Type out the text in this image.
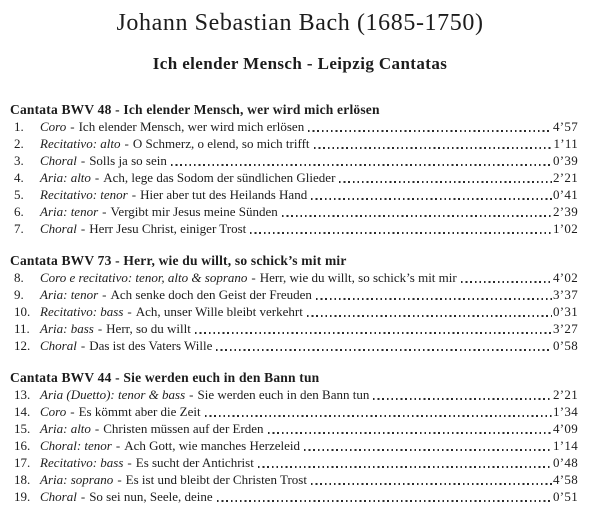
Johann Sebastian Bach (1685-1750)
Ich elender Mensch - Leipzig Cantatas
Cantata BWV 48 - Ich elender Mensch, wer wird mich erlösen
1.	Coro - Ich elender Mensch, wer wird mich erlösen	4’57
2.	Recitativo: alto - O Schmerz, o elend, so mich trifft	1’11
3.	Choral - Solls ja so sein	0’39
4.	Aria: alto - Ach, lege das Sodom der sündlichen Glieder	2’21
5.	Recitativo: tenor - Hier aber tut des Heilands Hand	0’41
6.	Aria: tenor - Vergibt mir Jesus meine Sünden	2’39
7.	Choral - Herr Jesu Christ, einiger Trost	1’02
Cantata BWV 73 - Herr, wie du willt, so schick’s mit mir
8.	Coro e recitativo: tenor, alto & soprano - Herr, wie du willt, so schick’s mit mir	4’02
9.	Aria: tenor - Ach senke doch den Geist der Freuden	3’37
10. Recitativo: bass - Ach, unser Wille bleibt verkehrt	0’31
11. Aria: bass - Herr, so du willt	3’27
12. Choral - Das ist des Vaters Wille	0’58
Cantata BWV 44 - Sie werden euch in den Bann tun
13. Aria (Duetto): tenor & bass - Sie werden euch in den Bann tun	2’21
14. Coro - Es kömmt aber die Zeit	1’34
15. Aria: alto - Christen müssen auf der Erden	4’09
16. Choral: tenor - Ach Gott, wie manches Herzeleid	1’14
17. Recitativo: bass - Es sucht der Antichrist	0’48
18. Aria: soprano - Es ist und bleibt der Christen Trost	4’58
19. Choral - So sei nun, Seele, deine	0’51
